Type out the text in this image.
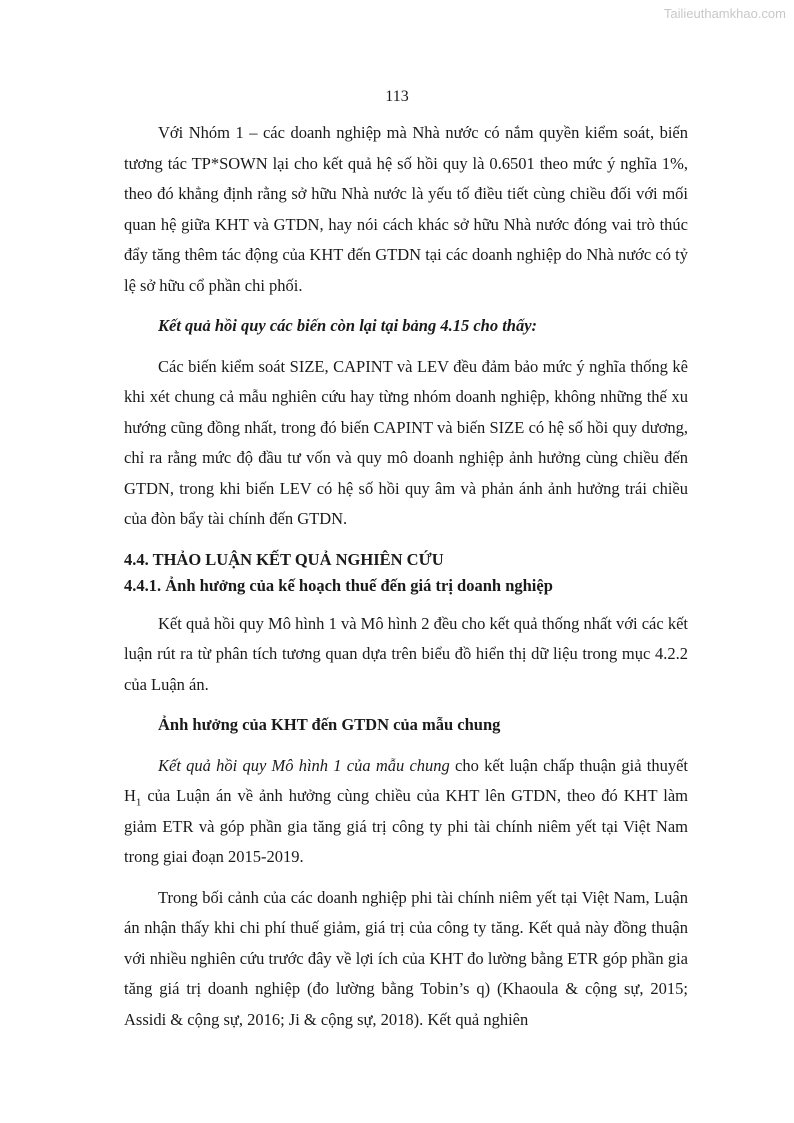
Tailieuthamkhao.com
113

Với Nhóm 1 – các doanh nghiệp mà Nhà nước có nắm quyền kiểm soát, biến tương tác TP*SOWN lại cho kết quả hệ số hồi quy là 0.6501 theo mức ý nghĩa 1%, theo đó khẳng định rằng sở hữu Nhà nước là yếu tố điều tiết cùng chiều đối với mối quan hệ giữa KHT và GTDN, hay nói cách khác sở hữu Nhà nước đóng vai trò thúc đẩy tăng thêm tác động của KHT đến GTDN tại các doanh nghiệp do Nhà nước có tỷ lệ sở hữu cổ phần chi phối.

Kết quả hồi quy các biến còn lại tại bảng 4.15 cho thấy:

Các biến kiểm soát SIZE, CAPINT và LEV đều đảm bảo mức ý nghĩa thống kê khi xét chung cả mẫu nghiên cứu hay từng nhóm doanh nghiệp, không những thế xu hướng cũng đồng nhất, trong đó biến CAPINT và biến SIZE có hệ số hồi quy dương, chỉ ra rằng mức độ đầu tư vốn và quy mô doanh nghiệp ảnh hưởng cùng chiều đến GTDN, trong khi biến LEV có hệ số hồi quy âm và phản ánh ảnh hưởng trái chiều của đòn bẩy tài chính đến GTDN.

4.4. THẢO LUẬN KẾT QUẢ NGHIÊN CỨU
4.4.1. Ảnh hưởng của kế hoạch thuế đến giá trị doanh nghiệp

Kết quả hồi quy Mô hình 1 và Mô hình 2 đều cho kết quả thống nhất với các kết luận rút ra từ phân tích tương quan dựa trên biểu đồ hiển thị dữ liệu trong mục 4.2.2 của Luận án.

Ảnh hưởng của KHT đến GTDN của mẫu chung

Kết quả hồi quy Mô hình 1 của mẫu chung cho kết luận chấp thuận giả thuyết $H_1$ của Luận án về ảnh hưởng cùng chiều của KHT lên GTDN, theo đó KHT làm giảm ETR và góp phần gia tăng giá trị công ty phi tài chính niêm yết tại Việt Nam trong giai đoạn 2015-2019.

Trong bối cảnh của các doanh nghiệp phi tài chính niêm yết tại Việt Nam, Luận án nhận thấy khi chi phí thuế giảm, giá trị của công ty tăng. Kết quả này đồng thuận với nhiều nghiên cứu trước đây về lợi ích của KHT đo lường bằng ETR góp phần gia tăng giá trị doanh nghiệp (đo lường bằng Tobin’s q) (Khaoula & cộng sự, 2015; Assidi & cộng sự, 2016; Ji & cộng sự, 2018). Kết quả nghiên
